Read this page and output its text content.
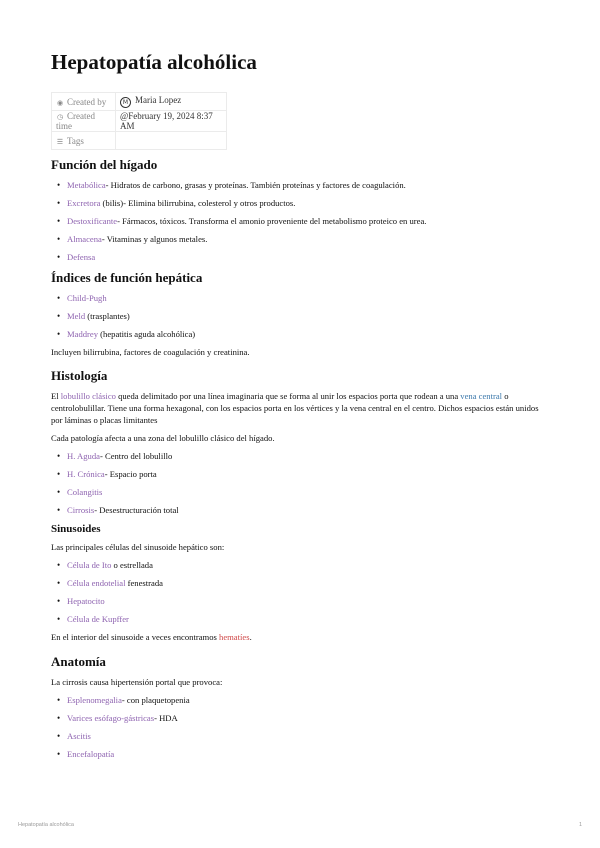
Hepatopatía alcohólica
◉ Created by	M Maria Lopez
◷ Created time	@February 19, 2024 8:37 AM
☰ Tags	
Función del hígado
• Metabólica- Hidratos de carbono, grasas y proteínas. También proteínas y factores de coagulación.
• Excretora (bilis)- Elimina bilirrubina, colesterol y otros productos.
• Destoxificante- Fármacos, tóxicos. Transforma el amonio proveniente del metabolismo proteico en urea.
• Almacena- Vitaminas y algunos metales.
• Defensa
Índices de función hepática
• Child-Pugh
• Meld (trasplantes)
• Maddrey (hepatitis aguda alcohólica)

Incluyen bilirrubina, factores de coagulación y creatinina.

Histología

El lobulillo clásico queda delimitado por una línea imaginaria que se forma al unir los espacios porta que rodean a una vena central o centrolobulillar. Tiene una forma hexagonal, con los espacios porta en los vértices y la vena central en el centro. Dichos espacios están unidos por láminas o placas limitantes

Cada patología afecta a una zona del lobulillo clásico del hígado.

• H. Aguda- Centro del lobulillo
• H. Crónica- Espacio porta
• Colangitis
• Cirrosis- Desestructuración total
Sinusoides

Las principales células del sinusoide hepático son:

• Célula de Ito o estrellada
• Célula endotelial fenestrada
• Hepatocito
• Célula de Kupffer

En el interior del sinusoide a veces encontramos hematíes.

Anatomía

La cirrosis causa hipertensión portal que provoca:

• Esplenomegalia- con plaquetopenia
• Varices esófago-gástricas- HDA
• Ascitis
• Encefalopatía
Hepatopatía alcohólica	1
